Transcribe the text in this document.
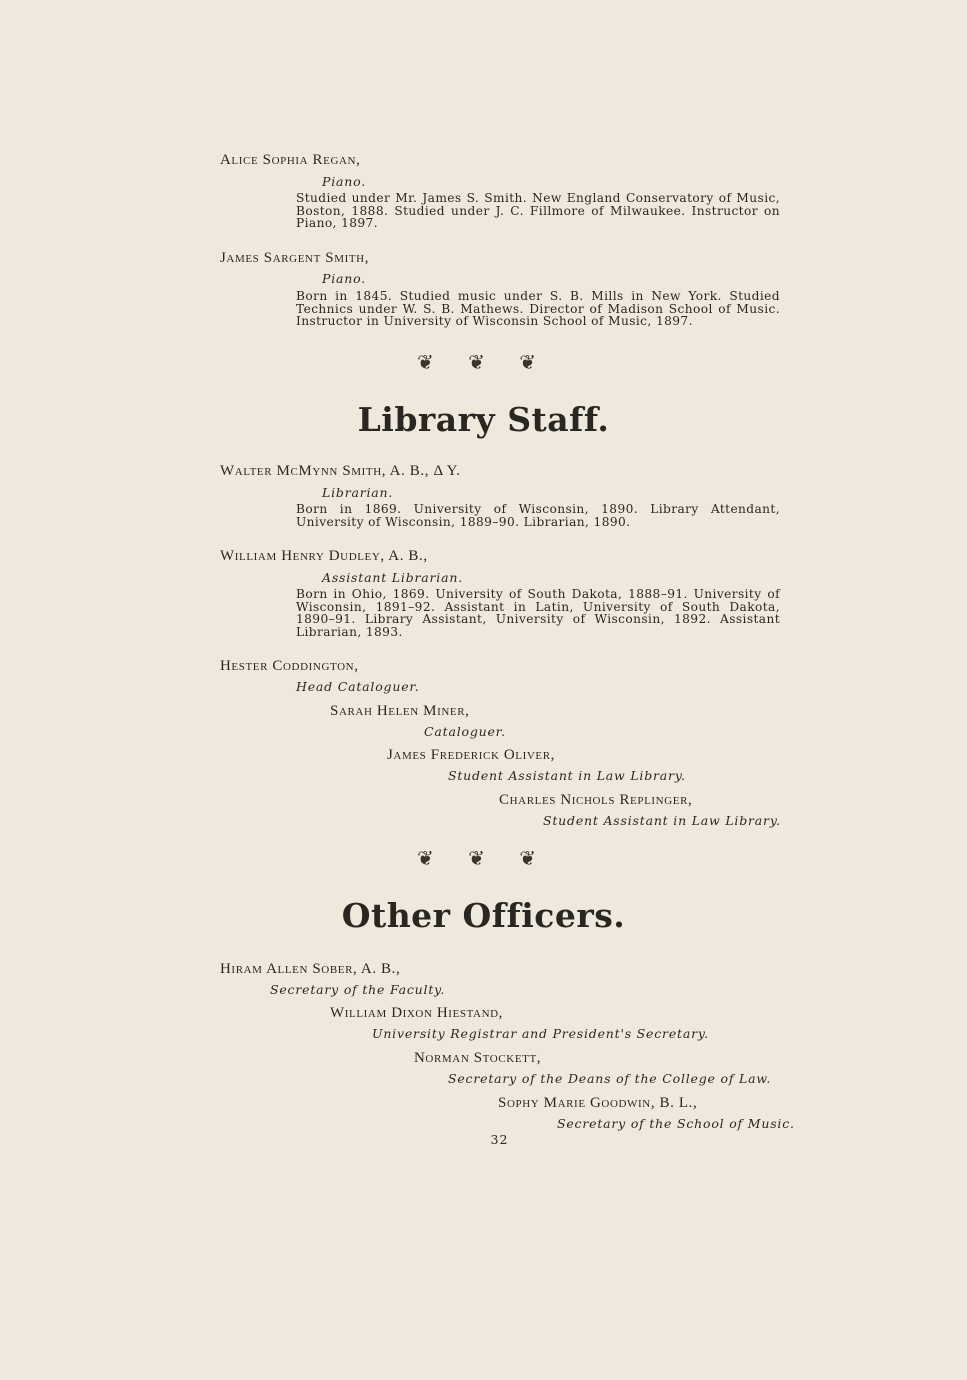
Alice Sophia Regan,
Piano.
Studied under Mr. James S. Smith. New England Conservatory of Music, Boston, 1888. Studied under J. C. Fillmore of Milwaukee. Instructor on Piano, 1897.
James Sargent Smith,
Piano.
Born in 1845. Studied music under S. B. Mills in New York. Studied Technics under W. S. B. Mathews. Director of Madison School of Music. Instructor in University of Wisconsin School of Music, 1897.
❦ ❦ ❦
Library Staff.
Walter McMynn Smith, A. B., Δ Υ.
Librarian.
Born in 1869. University of Wisconsin, 1890. Library Attendant, University of Wisconsin, 1889–90. Librarian, 1890.
William Henry Dudley, A. B.,
Assistant Librarian.
Born in Ohio, 1869. University of South Dakota, 1888–91. University of Wisconsin, 1891–92. Assistant in Latin, University of South Dakota, 1890–91. Library Assistant, University of Wisconsin, 1892. Assistant Librarian, 1893.
Hester Coddington,
Head Cataloguer.
Sarah Helen Miner,
Cataloguer.
James Frederick Oliver,
Student Assistant in Law Library.
Charles Nichols Replinger,
Student Assistant in Law Library.
❦ ❦ ❦
Other Officers.
Hiram Allen Sober, A. B.,
Secretary of the Faculty.
William Dixon Hiestand,
University Registrar and President's Secretary.
Norman Stockett,
Secretary of the Deans of the College of Law.
Sophy Marie Goodwin, B. L.,
Secretary of the School of Music.
32
